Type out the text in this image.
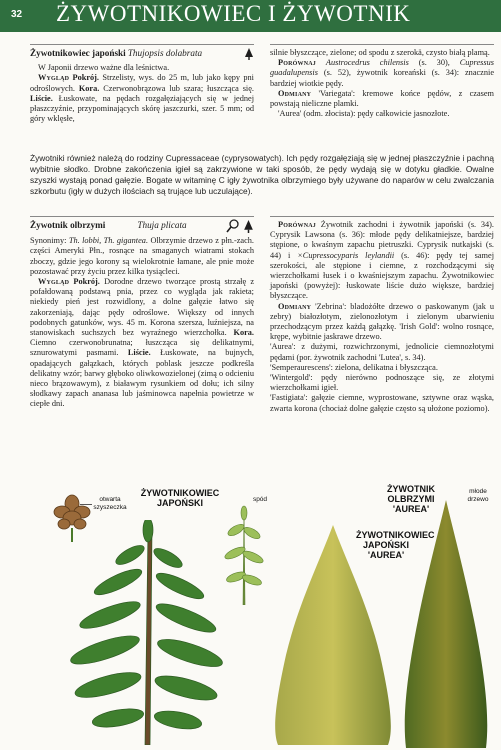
32 ŻYWOTNIKOWIEC I ŻYWOTNIK

Żywotnikowiec japoński Thujopsis dolabrata

W Japonii drzewo ważne dla leśnictwa.

Wygląd Pokrój. Strzelisty, wys. do 25 m, lub jako kępy pni odroślowych. Kora. Czerwonobrązowa lub szara; łuszcząca się. Liście. Łuskowate, na pędach rozgałęziających się w jednej płaszczyźnie, przypominających skórę jaszczurki, szer. 5 mm; od góry wklęsłe,

silnie błyszczące, zielone; od spodu z szerokä, czysto białą plamą.

Porównaj Austrocedrus chilensis (s. 30), Cupressus guadalupensis (s. 52), żywotnik koreański (s. 34): znacznie bardziej wiotkie pędy.

Odmiany 'Variegata': kremowe końce pędów, z czasem powstają nieliczne plamki.

'Aurea' (odm. złocista): pędy całkowicie jasnozłote.

Żywotniki również należą do rodziny Cupressaceae (cyprysowatych). Ich pędy rozgałęziają się w jednej płaszczyźnie i pachną wybitnie słodko. Drobne zakończenia igieł są zakrzywione w taki sposób, że pędy wydają się w dotyku gładkie. Owalne szyszki wystają ponad gałęzie. Bogate w witaminę C igły żywotnika olbrzymiego były używane do naparów w celu zwalczania szkorbutu (igły w dużych ilościach są trujące lub uczulające).

Żywotnik olbrzymi	Thuja plicata

Synonimy: Th. lobbi, Th. gigantea. Olbrzymie drzewo z płn.-zach. części Ameryki Płn., rosnące na smaganych wiatrami stokach zboczy, gdzie jego korony są wielokrotnie łamane, ale pnie może pozostawać przy życiu przez kilka tysiącleci.

Wygląd Pokrój. Dorodne drzewo tworzące prostą strzałę z pofałdowaną podstawą pnia, przez co wygląda jak rakieta; niekiedy pień jest rozwidlony, a dolne gałęzie łatwo się zakorzeniają, dając pędy odroślowe. Większy od innych podobnych gatunków, wys. 45 m. Korona szersza, luźniejsza, na stanowiskach suchszych bez wyraźnego wierzchołka. Kora. Ciemno czerwonobrunatna; łuszcząca się delikatnymi, sznurowatymi pasmami. Liście. Łuskowate, na bujnych, opadających gałązkach, których poblask jeszcze podkreśla delikatny wzór; barwy głęboko oliwkowozielonej (zimą o odcieniu nieco brązowawym), z białawym rysunkiem od dołu; ich silny słodkawy zapach ananasa lub jaśminowca napełnia powietrze w ciepłe dni.

Porównaj Żywotnik zachodni i żywotnik japoński (s. 34). Cyprysik Lawsona (s. 36): młode pędy delikatniejsze, bardziej stępione, o kwaśnym zapachu pietruszki. Cyprysik nutkajski (s. 44) i ×Cupressocyparis leylandii (s. 46): pędy tej samej szerokości, ale stępione i ciemne, z rozchodzącymi się wierzchołkami łusek i o kwaśniejszym zapachu. Żywotnikowiec japoński (powyżej): łuskowate liście dużo większe, bardziej błyszczące.

Odmiany 'Zebrina': bladożółte drzewo o paskowanym (jak u zebry) białozłotym, zielonozłotym i zielonym ubarwieniu przechodzącym przez każdą gałązkę. 'Irish Gold': wolno rosnące, krępe, wybitnie jaskrawe drzewo.

'Aurea': z dużymi, rozwichrzonymi, jednolicie ciemnozłotymi pędami (por. żywotnik zachodni 'Lutea', s. 34).

'Semperaurescens': zielona, delikatna i błyszcząca.

'Wintergold': pędy nierówno podnoszące się, ze złotymi wierzchołkami igieł.

'Fastigiata': gałęzie ciemne, wyprostowane, sztywne oraz wąska, zwarta korona (chociaż dolne gałęzie często są ułożone poziomo).

otwarta szyszeczka
ŻYWOTNIKOWIEC JAPOŃSKI	spód
ŻYWOTNIKOWIEC JAPOŃSKI 'AUREA'
ŻYWOTNIK OLBRZYMI 'AUREA'
młode drzewo
